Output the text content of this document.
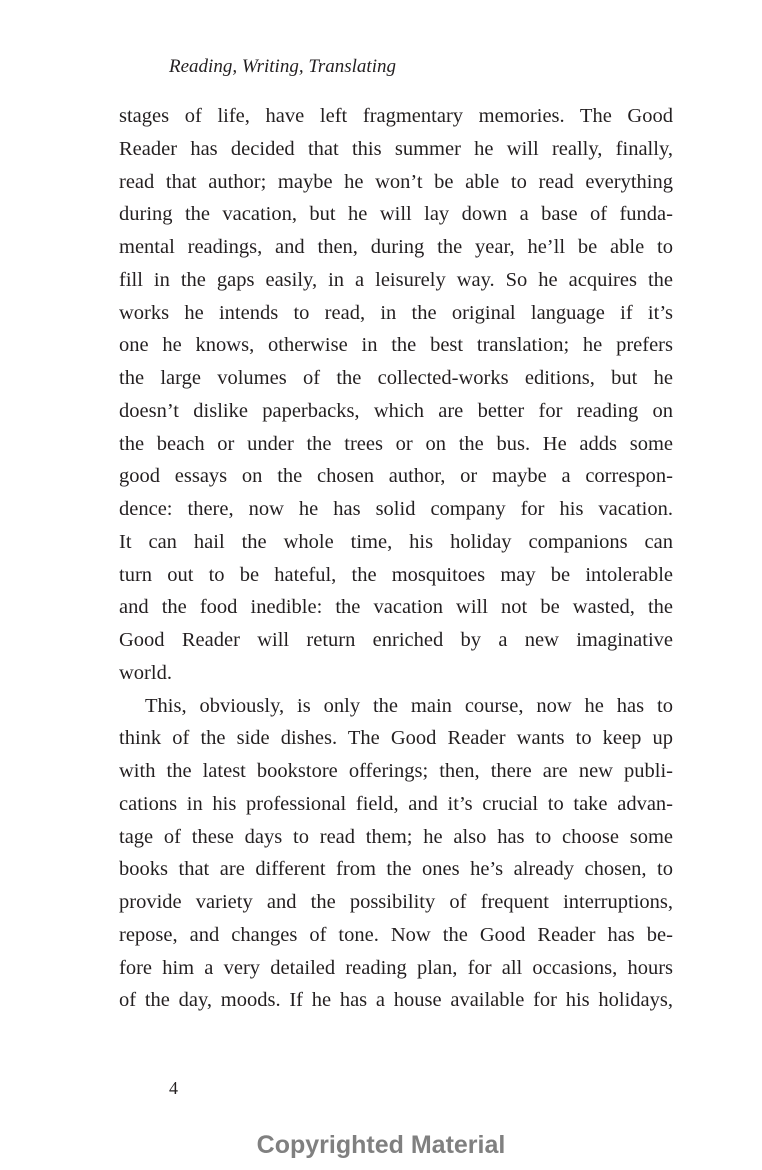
Reading, Writing, Translating
stages of life, have left fragmentary memories. The Good
Reader has decided that this summer he will really, finally,
read that author; maybe he won’t be able to read everything
during the vacation, but he will lay down a base of funda-
mental readings, and then, during the year, he’ll be able to
fill in the gaps easily, in a leisurely way. So he acquires the
works he intends to read, in the original language if it’s
one he knows, otherwise in the best translation; he prefers
the large volumes of the collected-works editions, but he
doesn’t dislike paperbacks, which are better for reading on
the beach or under the trees or on the bus. He adds some
good essays on the chosen author, or maybe a correspon-
dence: there, now he has solid company for his vacation.
It can hail the whole time, his holiday companions can
turn out to be hateful, the mosquitoes may be intolerable
and the food inedible: the vacation will not be wasted, the
Good Reader will return enriched by a new imaginative
world.
This, obviously, is only the main course, now he has to
think of the side dishes. The Good Reader wants to keep up
with the latest bookstore offerings; then, there are new publi-
cations in his professional field, and it’s crucial to take advan-
tage of these days to read them; he also has to choose some
books that are different from the ones he’s already chosen, to
provide variety and the possibility of frequent interruptions,
repose, and changes of tone. Now the Good Reader has be-
fore him a very detailed reading plan, for all occasions, hours
of the day, moods. If he has a house available for his holidays,
4
Copyrighted Material
